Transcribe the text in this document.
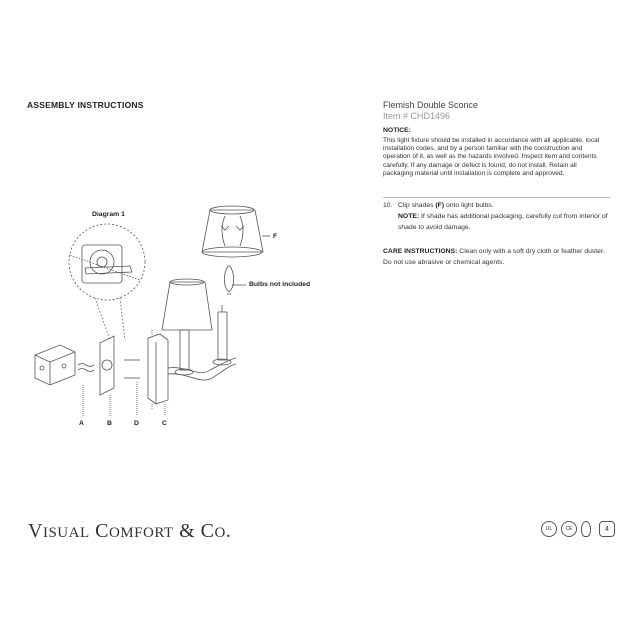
ASSEMBLY INSTRUCTIONS	Flemish Double Sconce
Item # CHD1496
NOTICE:
This light fixture should be installed in accordance with all applicable, local installation codes, and by a person familiar with the construction and operation of it, as well as the hazards involved. Inspect item and contents carefully. If any damage or defect is found, do not install. Retain all packaging material until installation is complete and approved.
10. Clip shades (F) onto light bulbs.
NOTE: If shade has additional packaging, carefully cut from interior of shade to avoid damage.
CARE INSTRUCTIONS: Clean only with a soft dry cloth or feather duster. Do not use abrasive or chemical agents.
Diagram 1
Bulbs not included
F
A	B	D	C
VISUAL COMFORT & CO.	UL	CE	4
